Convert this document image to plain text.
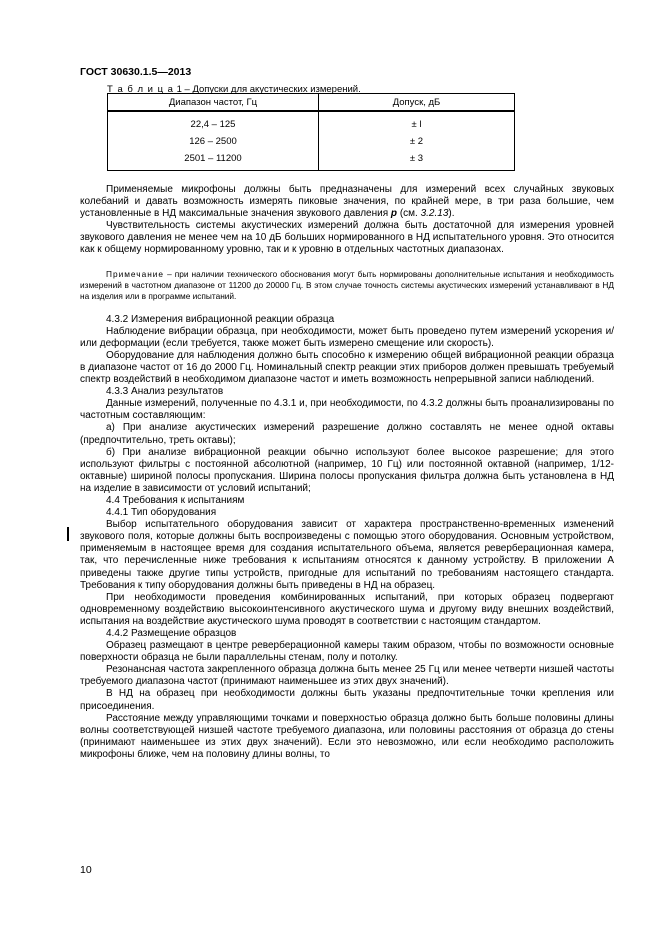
ГОСТ 30630.1.5—2013
Т а б л и ц а 1 – Допуски для акустических измерений.
Диапазон частот, Гц	Допуск, дБ
22,4 – 125	± l
126 – 2500	± 2
2501 – 11200	± 3

Применяемые микрофоны должны быть предназначены для измерений всех случайных звуковых колебаний и давать возможность измерять пиковые значения, по крайней мере, в три раза большие, чем установленные в НД максимальные значения звукового давления р (см. 3.2.13).

Чувствительность системы акустических измерений должна быть достаточной для измерения уровней звукового давления не менее чем на 10 дБ больших нормированного в НД испытательного уровня. Это относится как к общему нормированному уровню, так и к уровню в отдельных частотных диапазонах.

Примечание – при наличии технического обоснования могут быть нормированы дополнительные испытания и необходимость измерений в частотном диапазоне от 11200 до 20000 Гц. В этом случае точность системы акустических измерений устанавливают в НД на изделия или в программе испытаний.

4.3.2 Измерения вибрационной реакции образца

Наблюдение вибрации образца, при необходимости, может быть проведено путем измерений ускорения и/или деформации (если требуется, также может быть измерено смещение или скорость).

Оборудование для наблюдения должно быть способно к измерению общей вибрационной реакции образца в диапазоне частот от 16 до 2000 Гц. Номинальный спектр реакции этих приборов должен превышать требуемый спектр воздействий в необходимом диапазоне частот и иметь возможность непрерывной записи наблюдений.

4.3.3 Анализ результатов

Данные измерений, полученные по 4.3.1 и, при необходимости, по 4.3.2 должны быть проанализированы по частотным составляющим:

а) При анализе акустических измерений разрешение должно составлять не менее одной октавы (предпочтительно, треть октавы);

б) При анализе вибрационной реакции обычно используют более высокое разрешение; для этого используют фильтры с постоянной абсолютной (например, 10 Гц) или постоянной октавной (например, 1/12-октавные) шириной полосы пропускания. Ширина полосы пропускания фильтра должна быть установлена в НД на изделие в зависимости от условий испытаний;

4.4 Требования к испытаниям

4.4.1 Тип оборудования

Выбор испытательного оборудования зависит от характера пространственно-временных изменений звукового поля, которые должны быть воспроизведены с помощью этого оборудования. Основным устройством, применяемым в настоящее время для создания испытательного объема, является реверберационная камера, так, что перечисленные ниже требования к испытаниям относятся к данному устройству. В приложении А приведены также другие типы устройств, пригодные для испытаний по требованиям настоящего стандарта. Требования к типу оборудования должны быть приведены в НД на образец.

При необходимости проведения комбинированных испытаний, при которых образец подвергают одновременному воздействию высокоинтенсивного акустического шума и другому виду внешних воздействий, испытания на воздействие акустического шума проводят в соответствии с настоящим стандартом.

4.4.2 Размещение образцов

Образец размещают в центре реверберационной камеры таким образом, чтобы по возможности основные поверхности образца не были параллельны стенам, полу и потолку.

Резонансная частота закрепленного образца должна быть менее 25 Гц или менее четверти низшей частоты требуемого диапазона частот (принимают наименьшее из этих двух значений).

В НД на образец при необходимости должны быть указаны предпочтительные точки крепления или присоединения.

Расстояние между управляющими точками и поверхностью образца должно быть больше половины длины волны соответствующей низшей частоте требуемого диапазона, или половины расстояния от образца до стены (принимают наименьшее из этих двух значений). Если это невозможно, или если необходимо расположить микрофоны ближе, чем на половину длины волны, то

10
